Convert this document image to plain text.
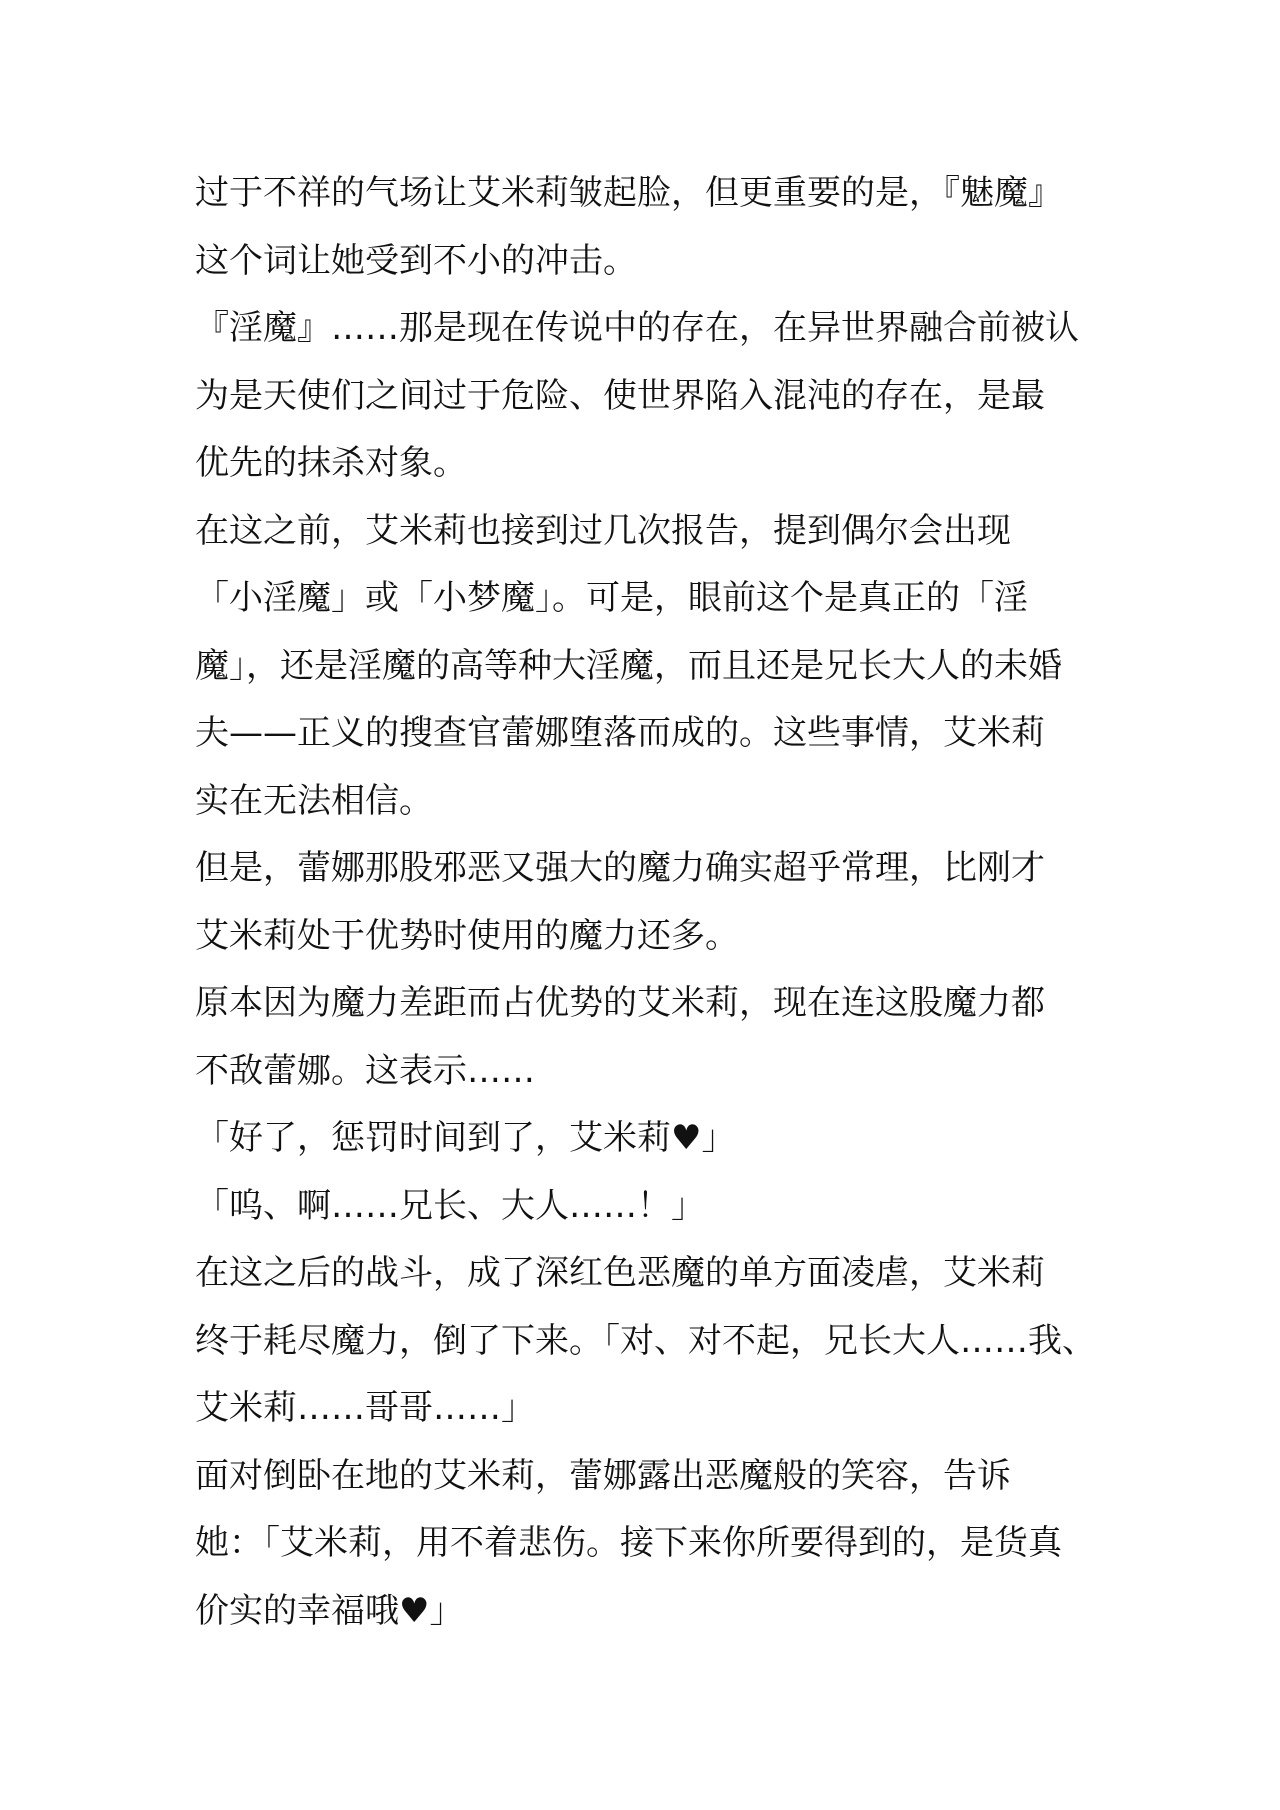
过于不祥的气场让艾米莉皱起脸，但更重要的是，『魅魔』
这个词让她受到不小的冲击。
『淫魔』……那是现在传说中的存在，在异世界融合前被认
为是天使们之间过于危险、使世界陷入混沌的存在，是最
优先的抹杀对象。
在这之前，艾米莉也接到过几次报告，提到偶尔会出现
「小淫魔」或「小梦魔」。可是，眼前这个是真正的「淫
魔」，还是淫魔的高等种大淫魔，而且还是兄长大人的未婚
夫——正义的搜查官蕾娜堕落而成的。这些事情，艾米莉
实在无法相信。
但是，蕾娜那股邪恶又强大的魔力确实超乎常理，比刚才
艾米莉处于优势时使用的魔力还多。
原本因为魔力差距而占优势的艾米莉，现在连这股魔力都
不敌蕾娜。这表示……
「好了，惩罚时间到了，艾米莉♥」
「呜、啊……兄长、大人……！」
在这之后的战斗，成了深红色恶魔的单方面凌虐，艾米莉
终于耗尽魔力，倒了下来。「对、对不起，兄长大人……我、
艾米莉……哥哥……」
面对倒卧在地的艾米莉，蕾娜露出恶魔般的笑容，告诉
她：「艾米莉，用不着悲伤。接下来你所要得到的，是货真
价实的幸福哦♥」
